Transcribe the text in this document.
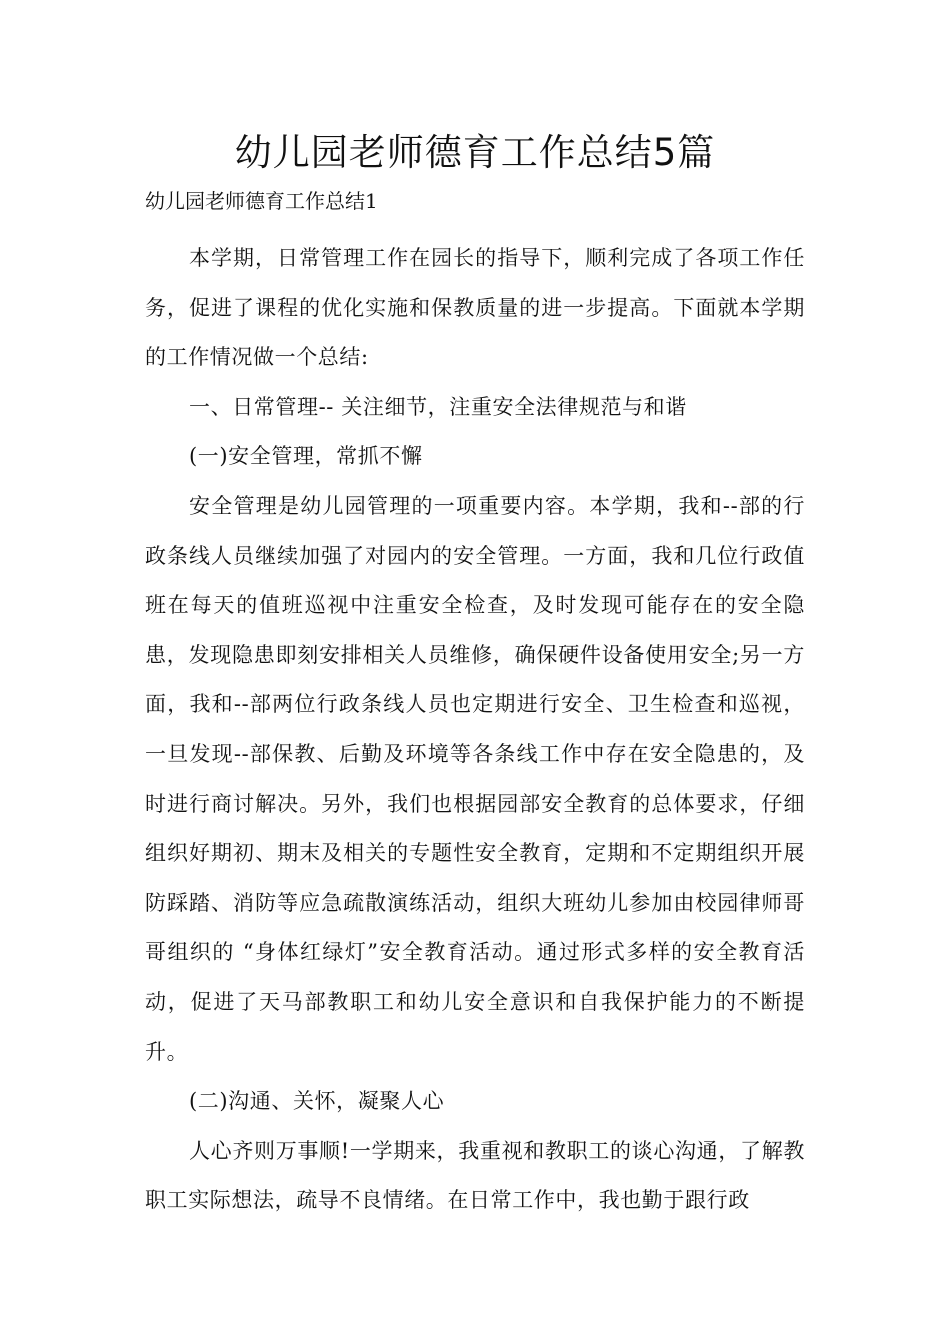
幼儿园老师德育工作总结5篇
幼儿园老师德育工作总结1

本学期，日常管理工作在园长的指导下，顺利完成了各项工作任务，促进了课程的优化实施和保教质量的进一步提高。下面就本学期的工作情况做一个总结:

一、日常管理-- 关注细节，注重安全法律规范与和谐

(一)安全管理，常抓不懈

安全管理是幼儿园管理的一项重要内容。本学期，我和--部的行政条线人员继续加强了对园内的安全管理。一方面，我和几位行政值班在每天的值班巡视中注重安全检查，及时发现可能存在的安全隐患，发现隐患即刻安排相关人员维修，确保硬件设备使用安全;另一方面，我和--部两位行政条线人员也定期进行安全、卫生检查和巡视，一旦发现--部保教、后勤及环境等各条线工作中存在安全隐患的，及时进行商讨解决。另外，我们也根据园部安全教育的总体要求，仔细组织好期初、期末及相关的专题性安全教育，定期和不定期组织开展防踩踏、消防等应急疏散演练活动，组织大班幼儿参加由校园律师哥哥组织的 “身体红绿灯”安全教育活动。通过形式多样的安全教育活动，促进了天马部教职工和幼儿安全意识和自我保护能力的不断提升。

(二)沟通、关怀，凝聚人心

人心齐则万事顺!一学期来，我重视和教职工的谈心沟通，了解教职工实际想法，疏导不良情绪。在日常工作中，我也勤于跟行政
